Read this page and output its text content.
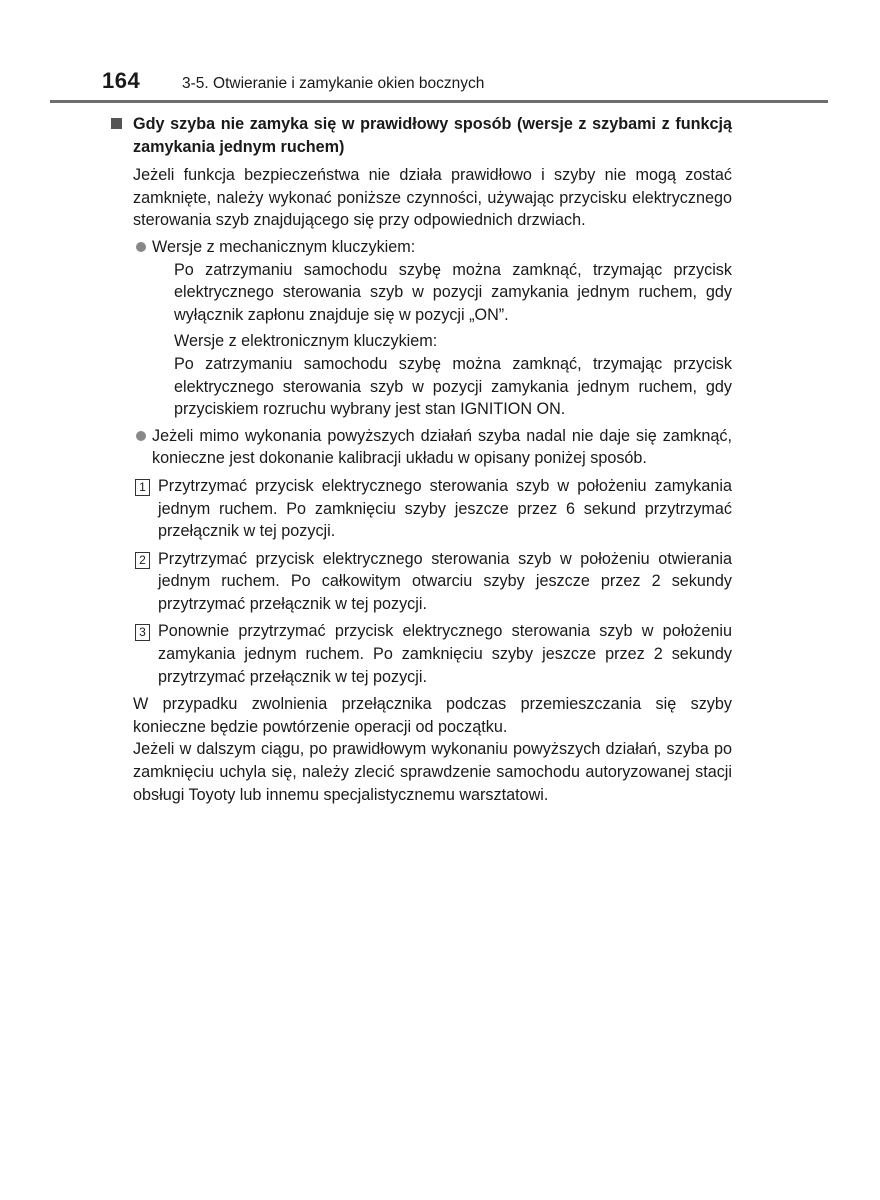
164	3-5. Otwieranie i zamykanie okien bocznych
Gdy szyba nie zamyka się w prawidłowy sposób (wersje z szybami z funkcją zamykania jednym ruchem)
Jeżeli funkcja bezpieczeństwa nie działa prawidłowo i szyby nie mogą zostać zamknięte, należy wykonać poniższe czynności, używając przycisku elektrycznego sterowania szyb znajdującego się przy odpowiednich drzwiach.
Wersje z mechanicznym kluczykiem:
Po zatrzymaniu samochodu szybę można zamknąć, trzymając przycisk elektrycznego sterowania szyb w pozycji zamykania jednym ruchem, gdy wyłącznik zapłonu znajduje się w pozycji „ON”.
Wersje z elektronicznym kluczykiem:
Po zatrzymaniu samochodu szybę można zamknąć, trzymając przycisk elektrycznego sterowania szyb w pozycji zamykania jednym ruchem, gdy przyciskiem rozruchu wybrany jest stan IGNITION ON.
Jeżeli mimo wykonania powyższych działań szyba nadal nie daje się zamknąć, konieczne jest dokonanie kalibracji układu w opisany poniżej sposób.
1 Przytrzymać przycisk elektrycznego sterowania szyb w położeniu zamykania jednym ruchem. Po zamknięciu szyby jeszcze przez 6 sekund przytrzymać przełącznik w tej pozycji.
2 Przytrzymać przycisk elektrycznego sterowania szyb w położeniu otwierania jednym ruchem. Po całkowitym otwarciu szyby jeszcze przez 2 sekundy przytrzymać przełącznik w tej pozycji.
3 Ponownie przytrzymać przycisk elektrycznego sterowania szyb w położeniu zamykania jednym ruchem. Po zamknięciu szyby jeszcze przez 2 sekundy przytrzymać przełącznik w tej pozycji.
W przypadku zwolnienia przełącznika podczas przemieszczania się szyby konieczne będzie powtórzenie operacji od początku.
Jeżeli w dalszym ciągu, po prawidłowym wykonaniu powyższych działań, szyba po zamknięciu uchyla się, należy zlecić sprawdzenie samochodu autoryzowanej stacji obsługi Toyoty lub innemu specjalistycznemu warsztatowi.
